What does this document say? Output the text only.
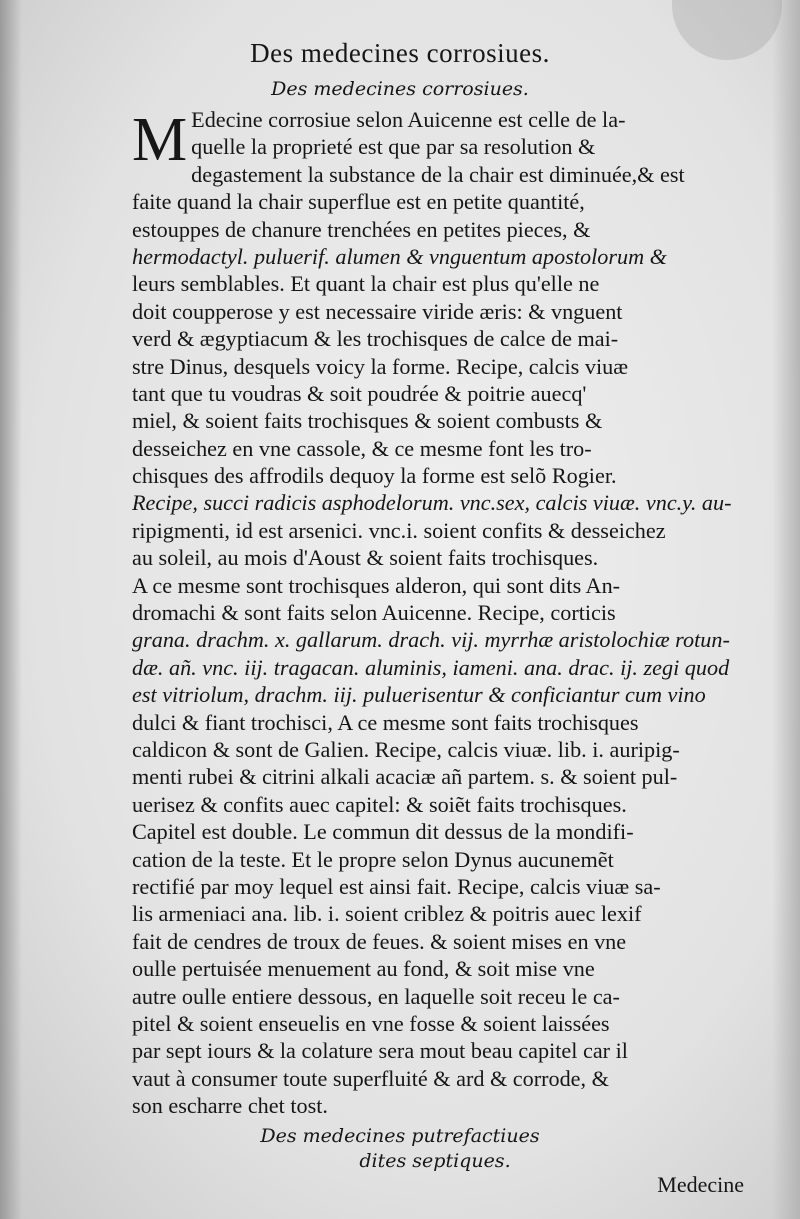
Des medecines corrosiues.
Des medecines corrosiues.
M Edecine corrosiue selon Auicenne est celle de la-
quelle la proprieté est que par sa resolution &
degastement la substance de la chair est diminuée,& est
faite quand la chair superflue est en petite quantité,
estouppes de chanure trenchées en petites pieces, &
hermodactyl. puluerif. alumen & vnguentum apostolorum &
leurs semblables. Et quant la chair est plus qu'elle ne
doit coupperose y est necessaire viride æris: & vnguent
verd & ægyptiacum & les trochisques de calce de mai-
stre Dinus, desquels voicy la forme. Recipe, calcis viuæ
tant que tu voudras & soit poudrée & poitrie auecq'
miel, & soient faits trochisques & soient combusts &
desseichez en vne cassole, & ce mesme font les tro-
chisques des affrodils dequoy la forme est selõ Rogier.
Recipe, succi radicis asphodelorum. vnc.sex, calcis viuæ. vnc.y. au-
ripigmenti, id est arsenici. vnc.i. soient confits & desseichez
au soleil, au mois d'Aoust & soient faits trochisques.
A ce mesme sont trochisques alderon, qui sont dits An-
dromachi & sont faits selon Auicenne. Recipe, corticis
grana. drachm. x. gallarum. drach. vij. myrrhæ aristolochiæ rotun-
dæ. añ. vnc. iij. tragacan. aluminis, iameni. ana. drac. ij. zegi quod
est vitriolum, drachm. iij. puluerisentur & conficiantur cum vino
dulci & fiant trochisci, A ce mesme sont faits trochisques
caldicon & sont de Galien. Recipe, calcis viuæ. lib. i. auripig-
menti rubei & citrini alkali acaciæ añ partem. s. & soient pul-
uerisez & confits auec capitel: & soiẽt faits trochisques.
Capitel est double. Le commun dit dessus de la mondifi-
cation de la teste. Et le propre selon Dynus aucunemẽt
rectifié par moy lequel est ainsi fait. Recipe, calcis viuæ sa-
lis armeniaci ana. lib. i. soient criblez & poitris auec lexif
fait de cendres de troux de feues. & soient mises en vne
oulle pertuisée menuement au fond, & soit mise vne
autre oulle entiere dessous, en laquelle soit receu le ca-
pitel & soient enseuelis en vne fosse & soient laissées
par sept iours & la colature sera mout beau capitel car il
vaut à consumer toute superfluité & ard & corrode, &
son escharre chet tost.
Des medecines putrefactiues
dites septiques.
Medecine
